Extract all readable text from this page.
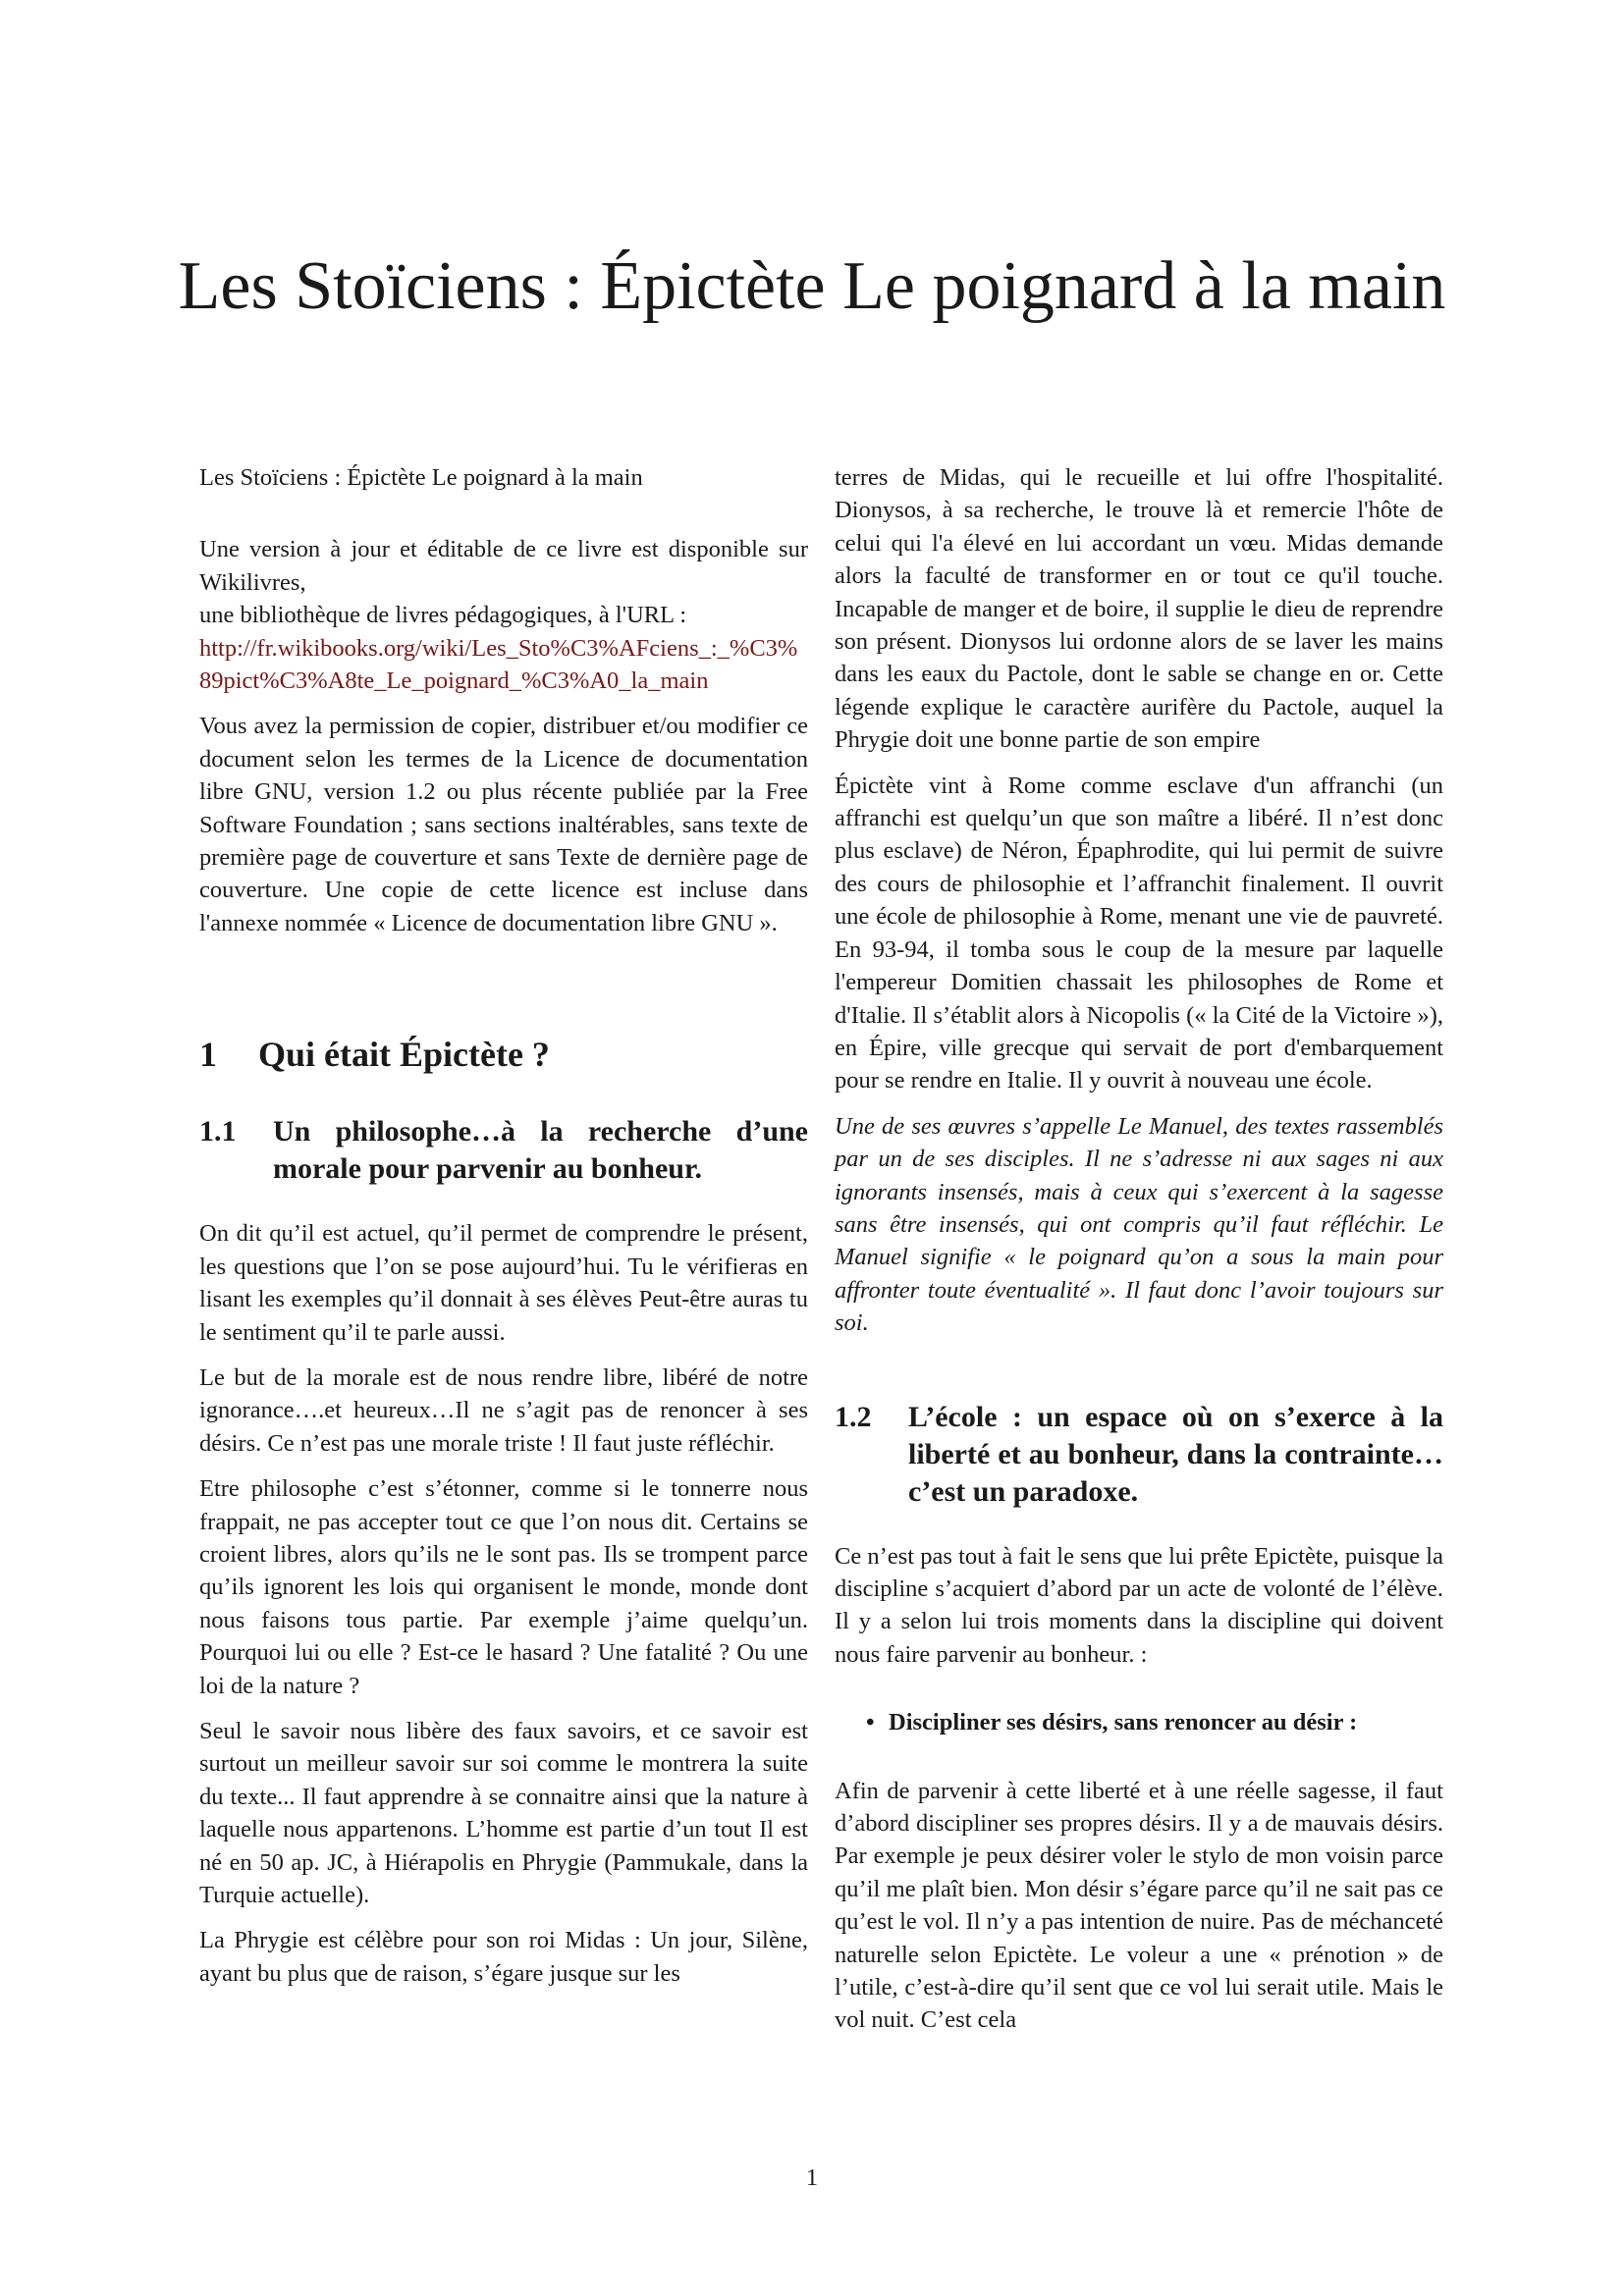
Les Stoïciens : Épictète Le poignard à la main

Les Stoïciens : Épictète Le poignard à la main

Une version à jour et éditable de ce livre est disponible sur Wikilivres,
une bibliothèque de livres pédagogiques, à l'URL :
http://fr.wikibooks.org/wiki/Les_Sto%C3%AFciens_:_%C3%89pict%C3%A8te_Le_poignard_%C3%A0_la_main

Vous avez la permission de copier, distribuer et/ou modifier ce document selon les termes de la Licence de documentation libre GNU, version 1.2 ou plus récente publiée par la Free Software Foundation ; sans sections inaltérables, sans texte de première page de couverture et sans Texte de dernière page de couverture. Une copie de cette licence est incluse dans l'annexe nommée « Licence de documentation libre GNU ».

1	Qui était Épictète ?
1.1	Un philosophe…à la recherche d’une morale pour parvenir au bonheur.

On dit qu’il est actuel, qu’il permet de comprendre le présent, les questions que l’on se pose aujourd’hui. Tu le vérifieras en lisant les exemples qu’il donnait à ses élèves Peut-être auras tu le sentiment qu’il te parle aussi.

Le but de la morale est de nous rendre libre, libéré de notre ignorance….et heureux…Il ne s’agit pas de renoncer à ses désirs. Ce n’est pas une morale triste ! Il faut juste réfléchir.

Etre philosophe c’est s’étonner, comme si le tonnerre nous frappait, ne pas accepter tout ce que l’on nous dit. Certains se croient libres, alors qu’ils ne le sont pas. Ils se trompent parce qu’ils ignorent les lois qui organisent le monde, monde dont nous faisons tous partie. Par exemple j’aime quelqu’un. Pourquoi lui ou elle ? Est-ce le hasard ? Une fatalité ? Ou une loi de la nature ?

Seul le savoir nous libère des faux savoirs, et ce savoir est surtout un meilleur savoir sur soi comme le montrera la suite du texte... Il faut apprendre à se connaitre ainsi que la nature à laquelle nous appartenons. L’homme est partie d’un tout Il est né en 50 ap. JC, à Hiérapolis en Phrygie (Pammukale, dans la Turquie actuelle).

La Phrygie est célèbre pour son roi Midas : Un jour, Silène, ayant bu plus que de raison, s’égare jusque sur les

terres de Midas, qui le recueille et lui offre l'hospitalité. Dionysos, à sa recherche, le trouve là et remercie l'hôte de celui qui l'a élevé en lui accordant un vœu. Midas demande alors la faculté de transformer en or tout ce qu'il touche. Incapable de manger et de boire, il supplie le dieu de reprendre son présent. Dionysos lui ordonne alors de se laver les mains dans les eaux du Pactole, dont le sable se change en or. Cette légende explique le caractère aurifère du Pactole, auquel la Phrygie doit une bonne partie de son empire

Épictète vint à Rome comme esclave d'un affranchi (un affranchi est quelqu’un que son maître a libéré. Il n’est donc plus esclave) de Néron, Épaphrodite, qui lui permit de suivre des cours de philosophie et l’affranchit finalement. Il ouvrit une école de philosophie à Rome, menant une vie de pauvreté. En 93-94, il tomba sous le coup de la mesure par laquelle l'empereur Domitien chassait les philosophes de Rome et d'Italie. Il s’établit alors à Nicopolis (« la Cité de la Victoire »), en Épire, ville grecque qui servait de port d'embarquement pour se rendre en Italie. Il y ouvrit à nouveau une école.

Une de ses œuvres s’appelle Le Manuel, des textes rassemblés par un de ses disciples. Il ne s’adresse ni aux sages ni aux ignorants insensés, mais à ceux qui s’exercent à la sagesse sans être insensés, qui ont compris qu’il faut réfléchir. Le Manuel signifie « le poignard qu’on a sous la main pour affronter toute éventualité ». Il faut donc l’avoir toujours sur soi.

1.2	L’école : un espace où on s’exerce à la liberté et au bonheur, dans la contrainte…c’est un paradoxe.

Ce n’est pas tout à fait le sens que lui prête Epictète, puisque la discipline s’acquiert d’abord par un acte de volonté de l’élève. Il y a selon lui trois moments dans la discipline qui doivent nous faire parvenir au bonheur. :

• Discipliner ses désirs, sans renoncer au désir :

Afin de parvenir à cette liberté et à une réelle sagesse, il faut d’abord discipliner ses propres désirs. Il y a de mauvais désirs. Par exemple je peux désirer voler le stylo de mon voisin parce qu’il me plaît bien. Mon désir s’égare parce qu’il ne sait pas ce qu’est le vol. Il n’y a pas intention de nuire. Pas de méchanceté naturelle selon Epictète. Le voleur a une « prénotion » de l’utile, c’est-à-dire qu’il sent que ce vol lui serait utile. Mais le vol nuit. C’est cela

1
